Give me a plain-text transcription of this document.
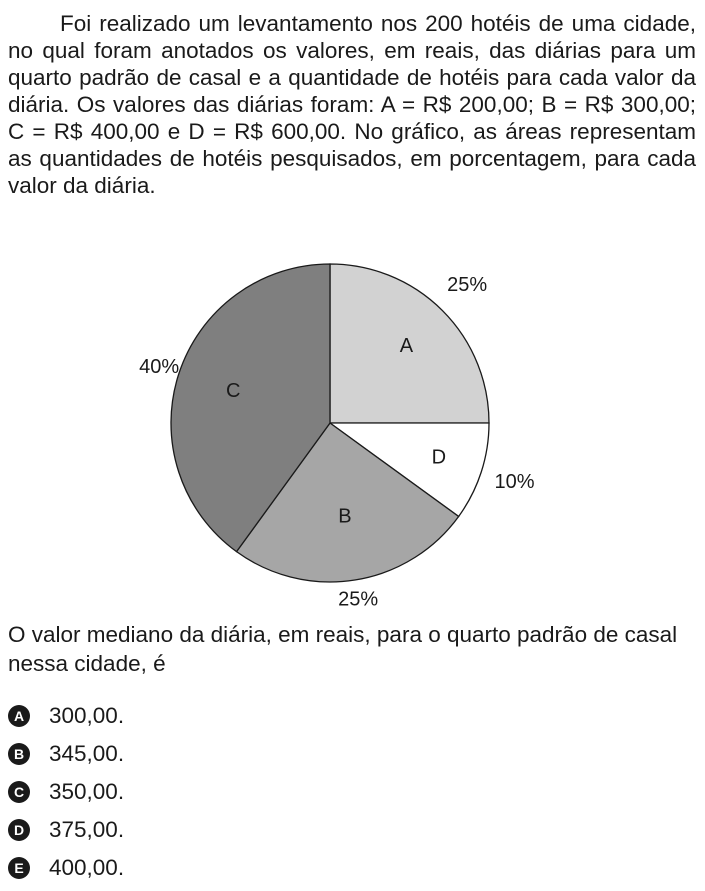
Foi realizado um levantamento nos 200 hotéis de uma cidade, no qual foram anotados os valores, em reais, das diárias para um quarto padrão de casal e a quantidade de hotéis para cada valor da diária. Os valores das diárias foram: A = R$ 200,00; B = R$ 300,00; C = R$ 400,00 e D = R$ 600,00. No gráfico, as áreas representam as quantidades de hotéis pesquisados, em porcentagem, para cada valor da diária.

A
25%
D
10%
B
25%
C
40%

O valor mediano da diária, em reais, para o quarto padrão de casal nessa cidade, é

A 300,00.
B 345,00.
C 350,00.
D 375,00.
E 400,00.
